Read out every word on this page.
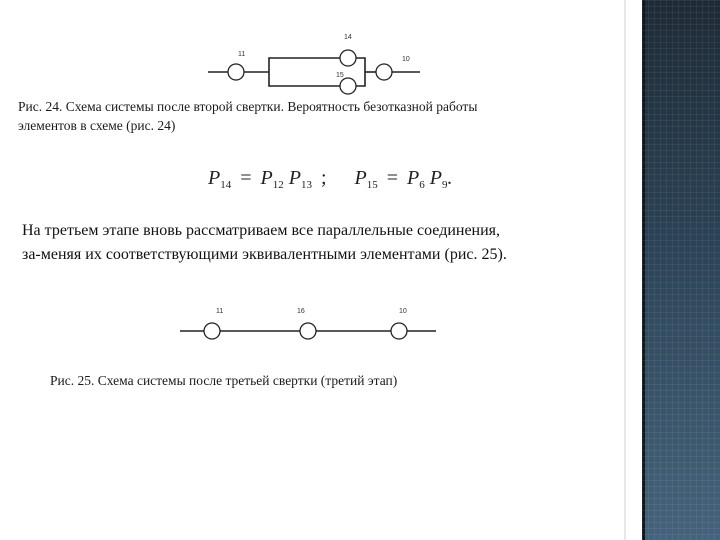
11
14
15
10
Рис. 24. Схема системы после второй свертки. Вероятность безотказной работы
элементов в схеме (рис. 24)
$P_{14} = P_{12}$ $P_{13}$ ; $P_{15} = P_6$ $P_9$.
На третьем этапе вновь рассматриваем все параллельные соединения,
за-меняя их соответствующими эквивалентными элементами (рис. 25).
11	16	10
Рис. 25. Схема системы после третьей свертки (третий этап)
